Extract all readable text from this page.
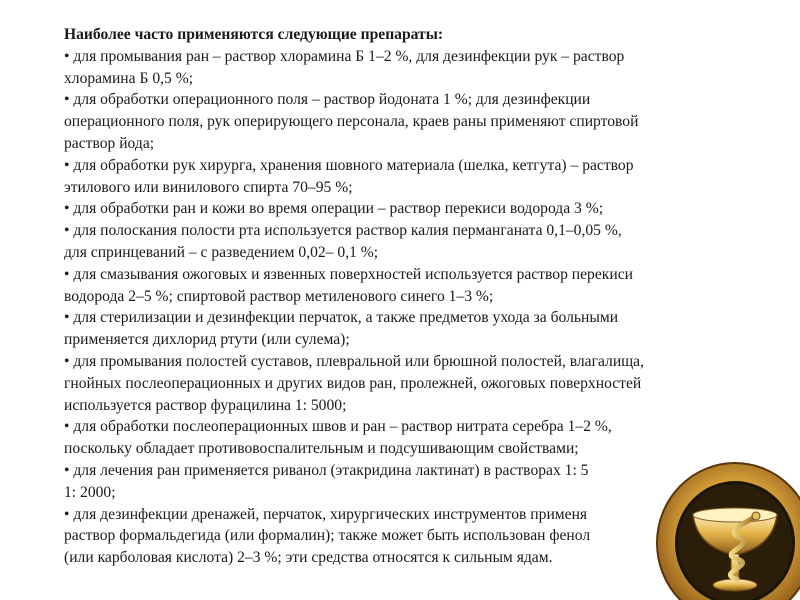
Наиболее часто применяются следующие препараты:
• для промывания ран – раствор хлорамина Б 1–2 %, для дезинфекции рук – раствор
хлорамина Б 0,5 %;
• для обработки операционного поля – раствор йодоната 1 %; для дезинфекции
операционного поля, рук оперирующего персонала, краев раны применяют спиртовой
раствор йода;
• для обработки рук хирурга, хранения шовного материала (шелка, кетгута) – раствор
этилового или винилового спирта 70–95 %;
• для обработки ран и кожи во время операции – раствор перекиси водорода 3 %;
• для полоскания полости рта используется раствор калия перманганата 0,1–0,05 %,
для спринцеваний – с разведением 0,02– 0,1 %;
• для смазывания ожоговых и язвенных поверхностей используется раствор перекиси
водорода 2–5 %; спиртовой раствор метиленового синего 1–3 %;
• для стерилизации и дезинфекции перчаток, а также предметов ухода за больными
применяется дихлорид ртути (или сулема);
• для промывания полостей суставов, плевральной или брюшной полостей, влагалища,
гнойных послеоперационных и других видов ран, пролежней, ожоговых поверхностей
используется раствор фурацилина 1: 5000;
• для обработки послеоперационных швов и ран – раствор нитрата серебра 1–2 %,
поскольку обладает противовоспалительным и подсушивающим свойствами;
• для лечения ран применяется риванол (этакридина лактинат) в растворах 1: 5
1: 2000;
• для дезинфекции дренажей, перчаток, хирургических инструментов применя
раствор формальдегида (или формалин); также может быть использован фенол
(или карболовая кислота) 2–3 %; эти средства относятся к сильным ядам.
